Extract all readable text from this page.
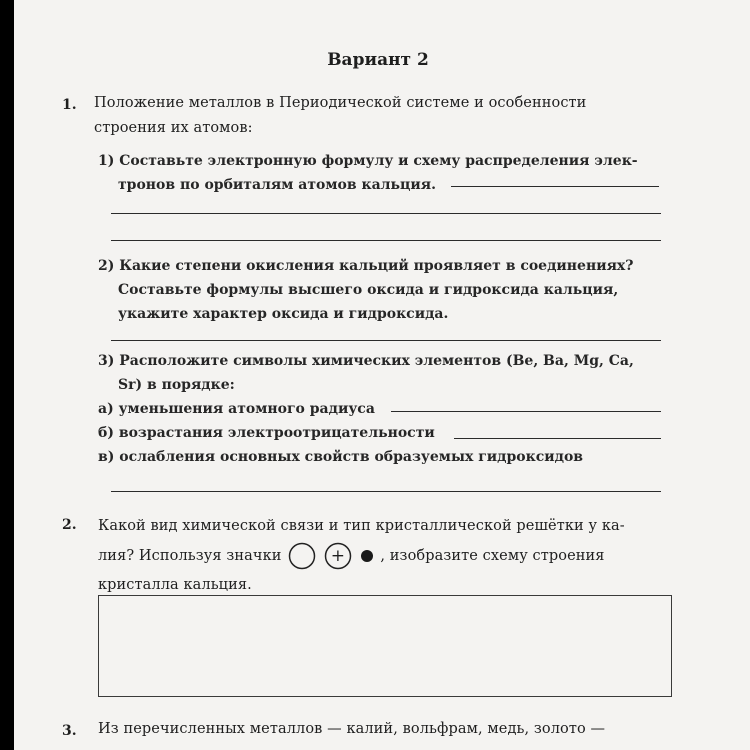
Вариант 2
1. Положение металлов в Периодической системе и особенности
строения их атомов:
1) Составьте электронную формулу и схему распределения элек-
тронов по орбиталям атомов кальция.
2) Какие степени окисления кальций проявляет в соединениях?
Составьте формулы высшего оксида и гидроксида кальция,
укажите характер оксида и гидроксида.
3) Расположите символы химических элементов (Be, Ba, Mg, Ca,
Sr) в порядке:
а) уменьшения атомного радиуса
б) возрастания электроотрицательности
в) ослабления основных свойств образуемых гидроксидов
2. Какой вид химической связи и тип кристаллической решётки у ка-
лия? Используя значки	+	, изобразите схему строения
кристалла кальция.
3. Из перечисленных металлов — калий, вольфрам, медь, золото —
